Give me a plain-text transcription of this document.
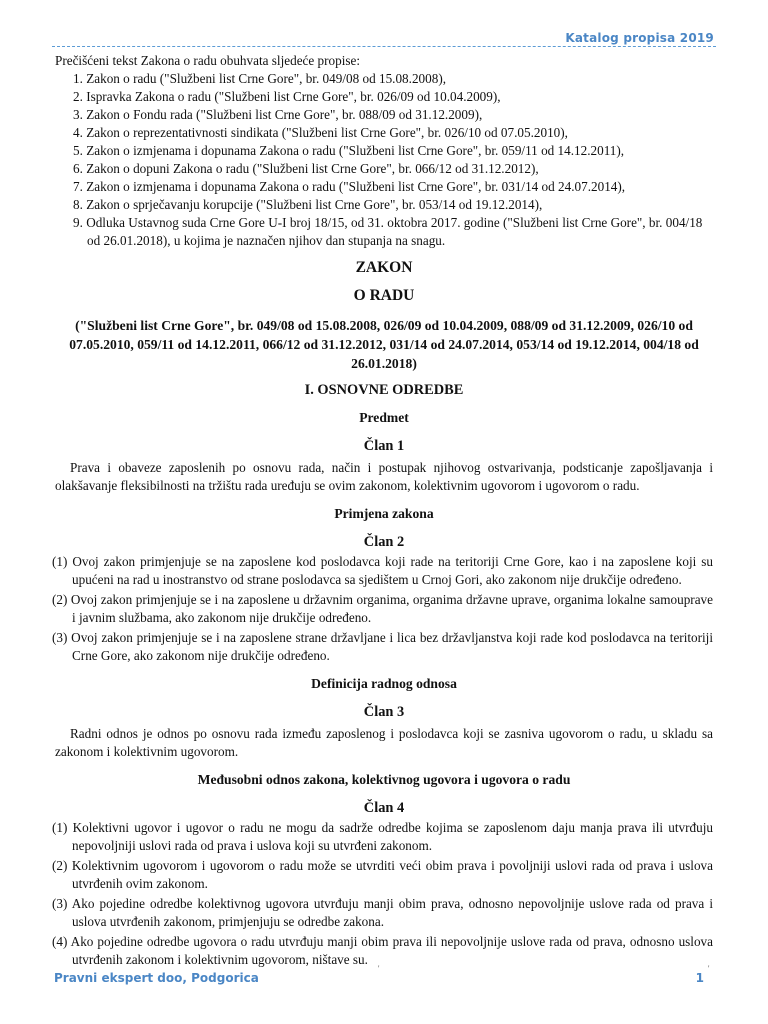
Katalog propisa 2019

Prečišćeni tekst Zakona o radu obuhvata sljedeće propise:

1. Zakon o radu ("Službeni list Crne Gore", br. 049/08 od 15.08.2008),
2. Ispravka Zakona o radu ("Službeni list Crne Gore", br. 026/09 od 10.04.2009),
3. Zakon o Fondu rada ("Službeni list Crne Gore", br. 088/09 od 31.12.2009),
4. Zakon o reprezentativnosti sindikata ("Službeni list Crne Gore", br. 026/10 od 07.05.2010),
5. Zakon o izmjenama i dopunama Zakona o radu ("Službeni list Crne Gore", br. 059/11 od 14.12.2011),
6. Zakon o dopuni Zakona o radu ("Službeni list Crne Gore", br. 066/12 od 31.12.2012),
7. Zakon o izmjenama i dopunama Zakona o radu ("Službeni list Crne Gore", br. 031/14 od 24.07.2014),
8. Zakon o sprječavanju korupcije ("Službeni list Crne Gore", br. 053/14 od 19.12.2014),
9. Odluka Ustavnog suda Crne Gore U-I broj 18/15, od 31. oktobra 2017. godine ("Službeni list Crne Gore", br. 004/18 od 26.01.2018), u kojima je naznačen njihov dan stupanja na snagu.

ZAKON

O RADU

("Službeni list Crne Gore", br. 049/08 od 15.08.2008, 026/09 od 10.04.2009, 088/09 od 31.12.2009, 026/10 od 07.05.2010, 059/11 od 14.12.2011, 066/12 od 31.12.2012, 031/14 od 24.07.2014, 053/14 od 19.12.2014, 004/18 od 26.01.2018)

I. OSNOVNE ODREDBE

Predmet

Član 1

Prava i obaveze zaposlenih po osnovu rada, način i postupak njihovog ostvarivanja, podsticanje zapošljavanja i olakšavanje fleksibilnosti na tržištu rada uređuju se ovim zakonom, kolektivnim ugovorom i ugovorom o radu.

Primjena zakona

Član 2

(1) Ovoj zakon primjenjuje se na zaposlene kod poslodavca koji rade na teritoriji Crne Gore, kao i na zaposlene koji su upućeni na rad u inostranstvo od strane poslodavca sa sjedištem u Crnoj Gori, ako zakonom nije drukčije određeno.

(2) Ovoj zakon primjenjuje se i na zaposlene u državnim organima, organima državne uprave, organima lokalne samouprave i javnim službama, ako zakonom nije drukčije određeno.

(3) Ovoj zakon primjenjuje se i na zaposlene strane državljane i lica bez državljanstva koji rade kod poslodavca na teritoriji Crne Gore, ako zakonom nije drukčije određeno.

Definicija radnog odnosa

Član 3

Radni odnos je odnos po osnovu rada između zaposlenog i poslodavca koji se zasniva ugovorom o radu, u skladu sa zakonom i kolektivnim ugovorom.

Međusobni odnos zakona, kolektivnog ugovora i ugovora o radu

Član 4

(1) Kolektivni ugovor i ugovor o radu ne mogu da sadrže odredbe kojima se zaposlenom daju manja prava ili utvrđuju nepovoljniji uslovi rada od prava i uslova koji su utvrđeni zakonom.

(2) Kolektivnim ugovorom i ugovorom o radu može se utvrditi veći obim prava i povoljniji uslovi rada od prava i uslova utvrđenih ovim zakonom.

(3) Ako pojedine odredbe kolektivnog ugovora utvrđuju manji obim prava, odnosno nepovoljnije uslove rada od prava i uslova utvrđenih zakonom, primjenjuju se odredbe zakona.

(4) Ako pojedine odredbe ugovora o radu utvrđuju manji obim prava ili nepovoljnije uslove rada od prava, odnosno uslova utvrđenih zakonom i kolektivnim ugovorom, ništave su.

'	'
Pravni ekspert doo, Podgorica	1
